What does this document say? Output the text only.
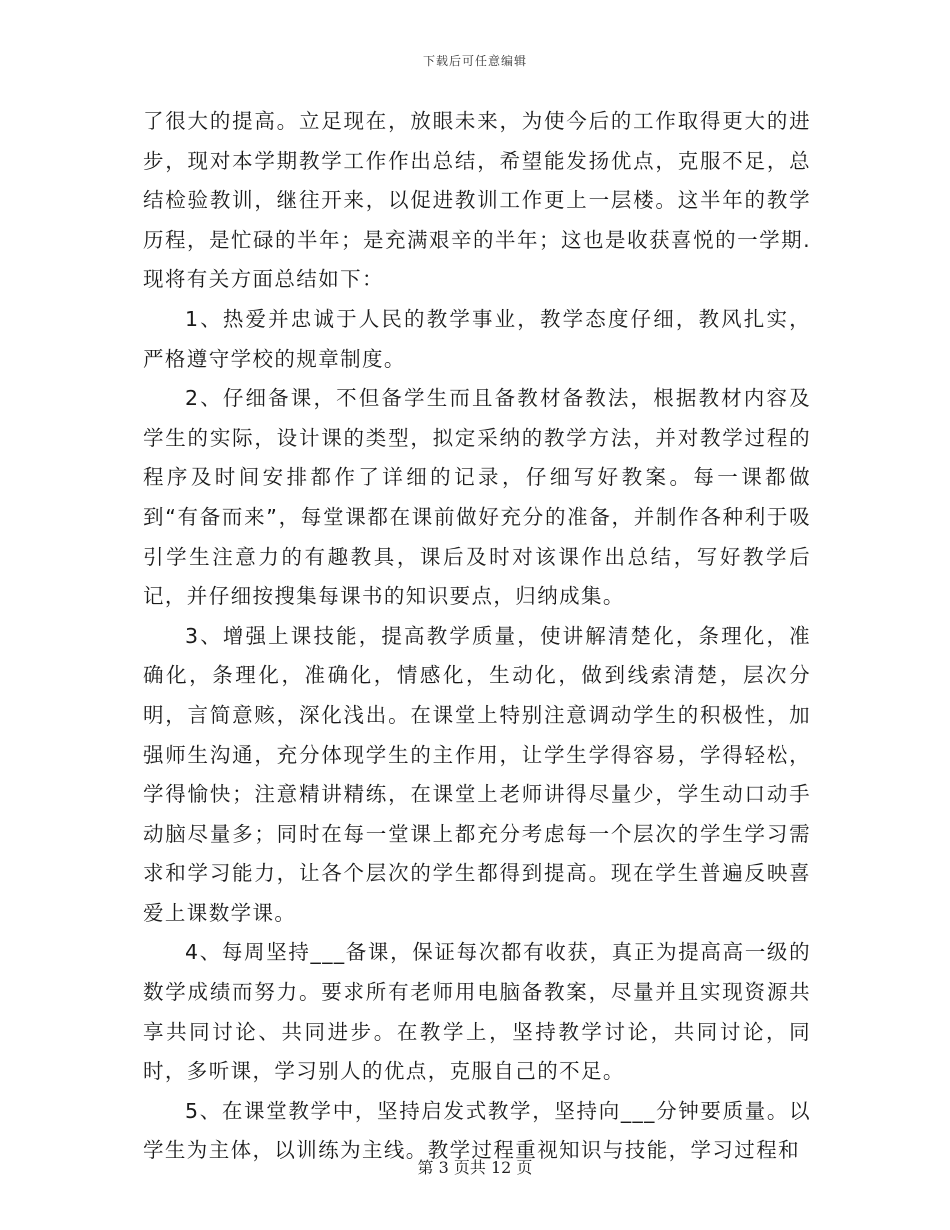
下载后可任意编辑

了很大的提高。立足现在，放眼未来，为使今后的工作取得更大的进步，现对本学期教学工作作出总结，希望能发扬优点，克服不足，总结检验教训，继往开来，以促进教训工作更上一层楼。这半年的教学历程，是忙碌的半年；是充满艰辛的半年；这也是收获喜悦的一学期.现将有关方面总结如下：

1、热爱并忠诚于人民的教学事业，教学态度仔细，教风扎实，严格遵守学校的规章制度。

2、仔细备课，不但备学生而且备教材备教法，根据教材内容及学生的实际，设计课的类型，拟定采纳的教学方法，并对教学过程的程序及时间安排都作了详细的记录，仔细写好教案。每一课都做到“有备而来”，每堂课都在课前做好充分的准备，并制作各种利于吸引学生注意力的有趣教具，课后及时对该课作出总结，写好教学后记，并仔细按搜集每课书的知识要点，归纳成集。

3、增强上课技能，提高教学质量，使讲解清楚化，条理化，准确化，条理化，准确化，情感化，生动化，做到线索清楚，层次分明，言简意赅，深化浅出。在课堂上特别注意调动学生的积极性，加强师生沟通，充分体现学生的主作用，让学生学得容易，学得轻松，学得愉快；注意精讲精练，在课堂上老师讲得尽量少，学生动口动手动脑尽量多；同时在每一堂课上都充分考虑每一个层次的学生学习需求和学习能力，让各个层次的学生都得到提高。现在学生普遍反映喜爱上课数学课。

4、每周坚持___备课，保证每次都有收获，真正为提高高一级的数学成绩而努力。要求所有老师用电脑备教案，尽量并且实现资源共享共同讨论、共同进步。在教学上，坚持教学讨论，共同讨论，同时，多听课，学习别人的优点，克服自己的不足。

5、在课堂教学中，坚持启发式教学，坚持向___分钟要质量。以学生为主体，以训练为主线。教学过程重视知识与技能，学习过程和

第 3 页共 12 页
